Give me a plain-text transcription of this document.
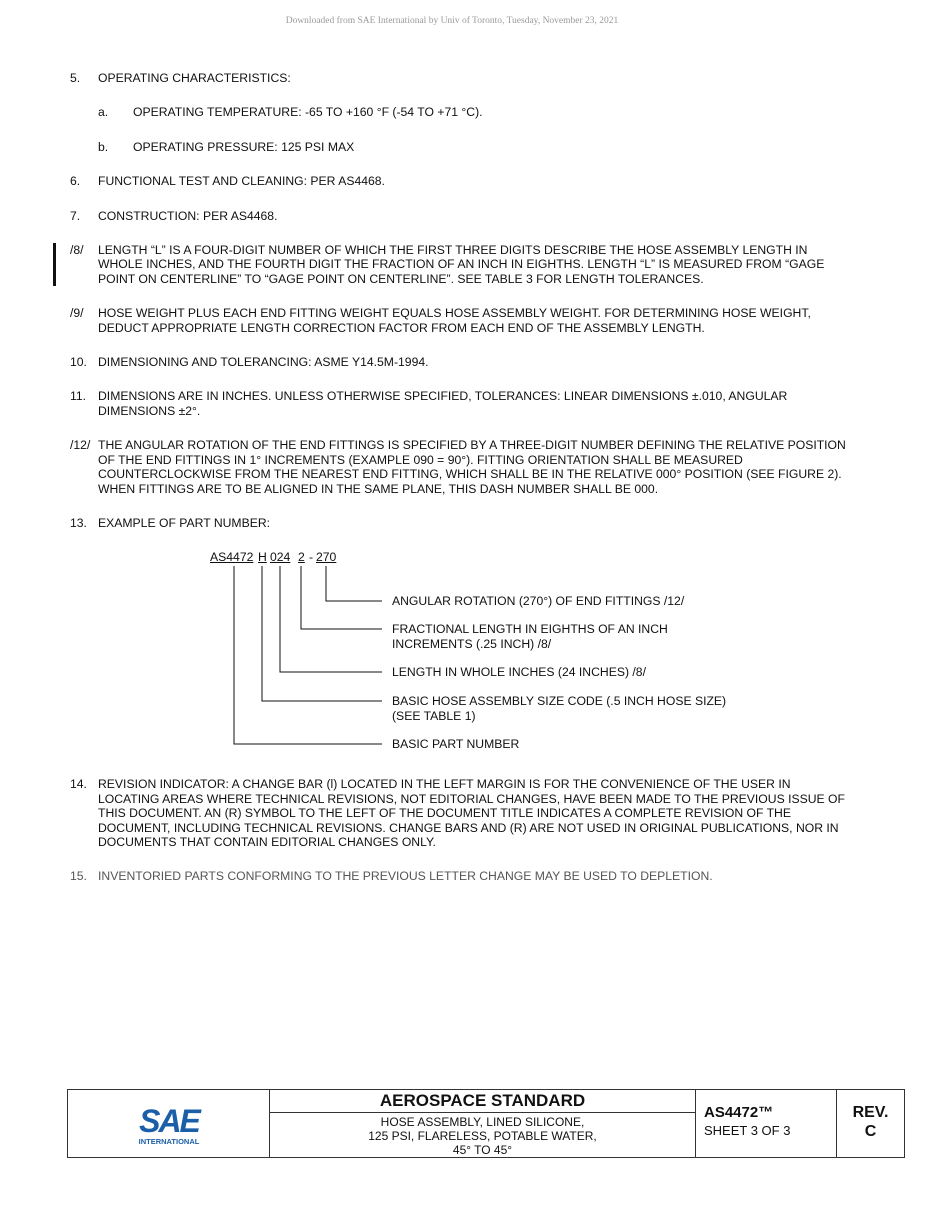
Downloaded from SAE International by Univ of Toronto, Tuesday, November 23, 2021
5.	OPERATING CHARACTERISTICS:
a.	OPERATING TEMPERATURE: -65 TO +160 °F (-54 TO +71 °C).
b.	OPERATING PRESSURE: 125 PSI MAX
6.	FUNCTIONAL TEST AND CLEANING: PER AS4468.
7.	CONSTRUCTION: PER AS4468.
/8/	LENGTH “L” IS A FOUR-DIGIT NUMBER OF WHICH THE FIRST THREE DIGITS DESCRIBE THE HOSE ASSEMBLY LENGTH IN
WHOLE INCHES, AND THE FOURTH DIGIT THE FRACTION OF AN INCH IN EIGHTHS. LENGTH “L” IS MEASURED FROM “GAGE
POINT ON CENTERLINE” TO “GAGE POINT ON CENTERLINE”. SEE TABLE 3 FOR LENGTH TOLERANCES.
/9/	HOSE WEIGHT PLUS EACH END FITTING WEIGHT EQUALS HOSE ASSEMBLY WEIGHT. FOR DETERMINING HOSE WEIGHT,
DEDUCT APPROPRIATE LENGTH CORRECTION FACTOR FROM EACH END OF THE ASSEMBLY LENGTH.
10. DIMENSIONING AND TOLERANCING: ASME Y14.5M-1994.
11. DIMENSIONS ARE IN INCHES. UNLESS OTHERWISE SPECIFIED, TOLERANCES: LINEAR DIMENSIONS ±.010, ANGULAR
DIMENSIONS ±2°.
/12/ THE ANGULAR ROTATION OF THE END FITTINGS IS SPECIFIED BY A THREE-DIGIT NUMBER DEFINING THE RELATIVE POSITION
OF THE END FITTINGS IN 1° INCREMENTS (EXAMPLE 090 = 90°). FITTING ORIENTATION SHALL BE MEASURED
COUNTERCLOCKWISE FROM THE NEAREST END FITTING, WHICH SHALL BE IN THE RELATIVE 000° POSITION (SEE FIGURE 2).
WHEN FITTINGS ARE TO BE ALIGNED IN THE SAME PLANE, THIS DASH NUMBER SHALL BE 000.
13. EXAMPLE OF PART NUMBER:
AS4472 H 024 2 - 270
ANGULAR ROTATION (270°) OF END FITTINGS /12/
FRACTIONAL LENGTH IN EIGHTHS OF AN INCH
INCREMENTS (.25 INCH) /8/
LENGTH IN WHOLE INCHES (24 INCHES) /8/
BASIC HOSE ASSEMBLY SIZE CODE (.5 INCH HOSE SIZE)
(SEE TABLE 1)
BASIC PART NUMBER
14. REVISION INDICATOR: A CHANGE BAR (l) LOCATED IN THE LEFT MARGIN IS FOR THE CONVENIENCE OF THE USER IN
LOCATING AREAS WHERE TECHNICAL REVISIONS, NOT EDITORIAL CHANGES, HAVE BEEN MADE TO THE PREVIOUS ISSUE OF
THIS DOCUMENT. AN (R) SYMBOL TO THE LEFT OF THE DOCUMENT TITLE INDICATES A COMPLETE REVISION OF THE
DOCUMENT, INCLUDING TECHNICAL REVISIONS. CHANGE BARS AND (R) ARE NOT USED IN ORIGINAL PUBLICATIONS, NOR IN
DOCUMENTS THAT CONTAIN EDITORIAL CHANGES ONLY.
15. INVENTORIED PARTS CONFORMING TO THE PREVIOUS LETTER CHANGE MAY BE USED TO DEPLETION.
SAE
INTERNATIONAL
AEROSPACE STANDARD
HOSE ASSEMBLY, LINED SILICONE,
125 PSI, FLARELESS, POTABLE WATER,
45° TO 45°
AS4472™
SHEET 3 OF 3
REV.
C
